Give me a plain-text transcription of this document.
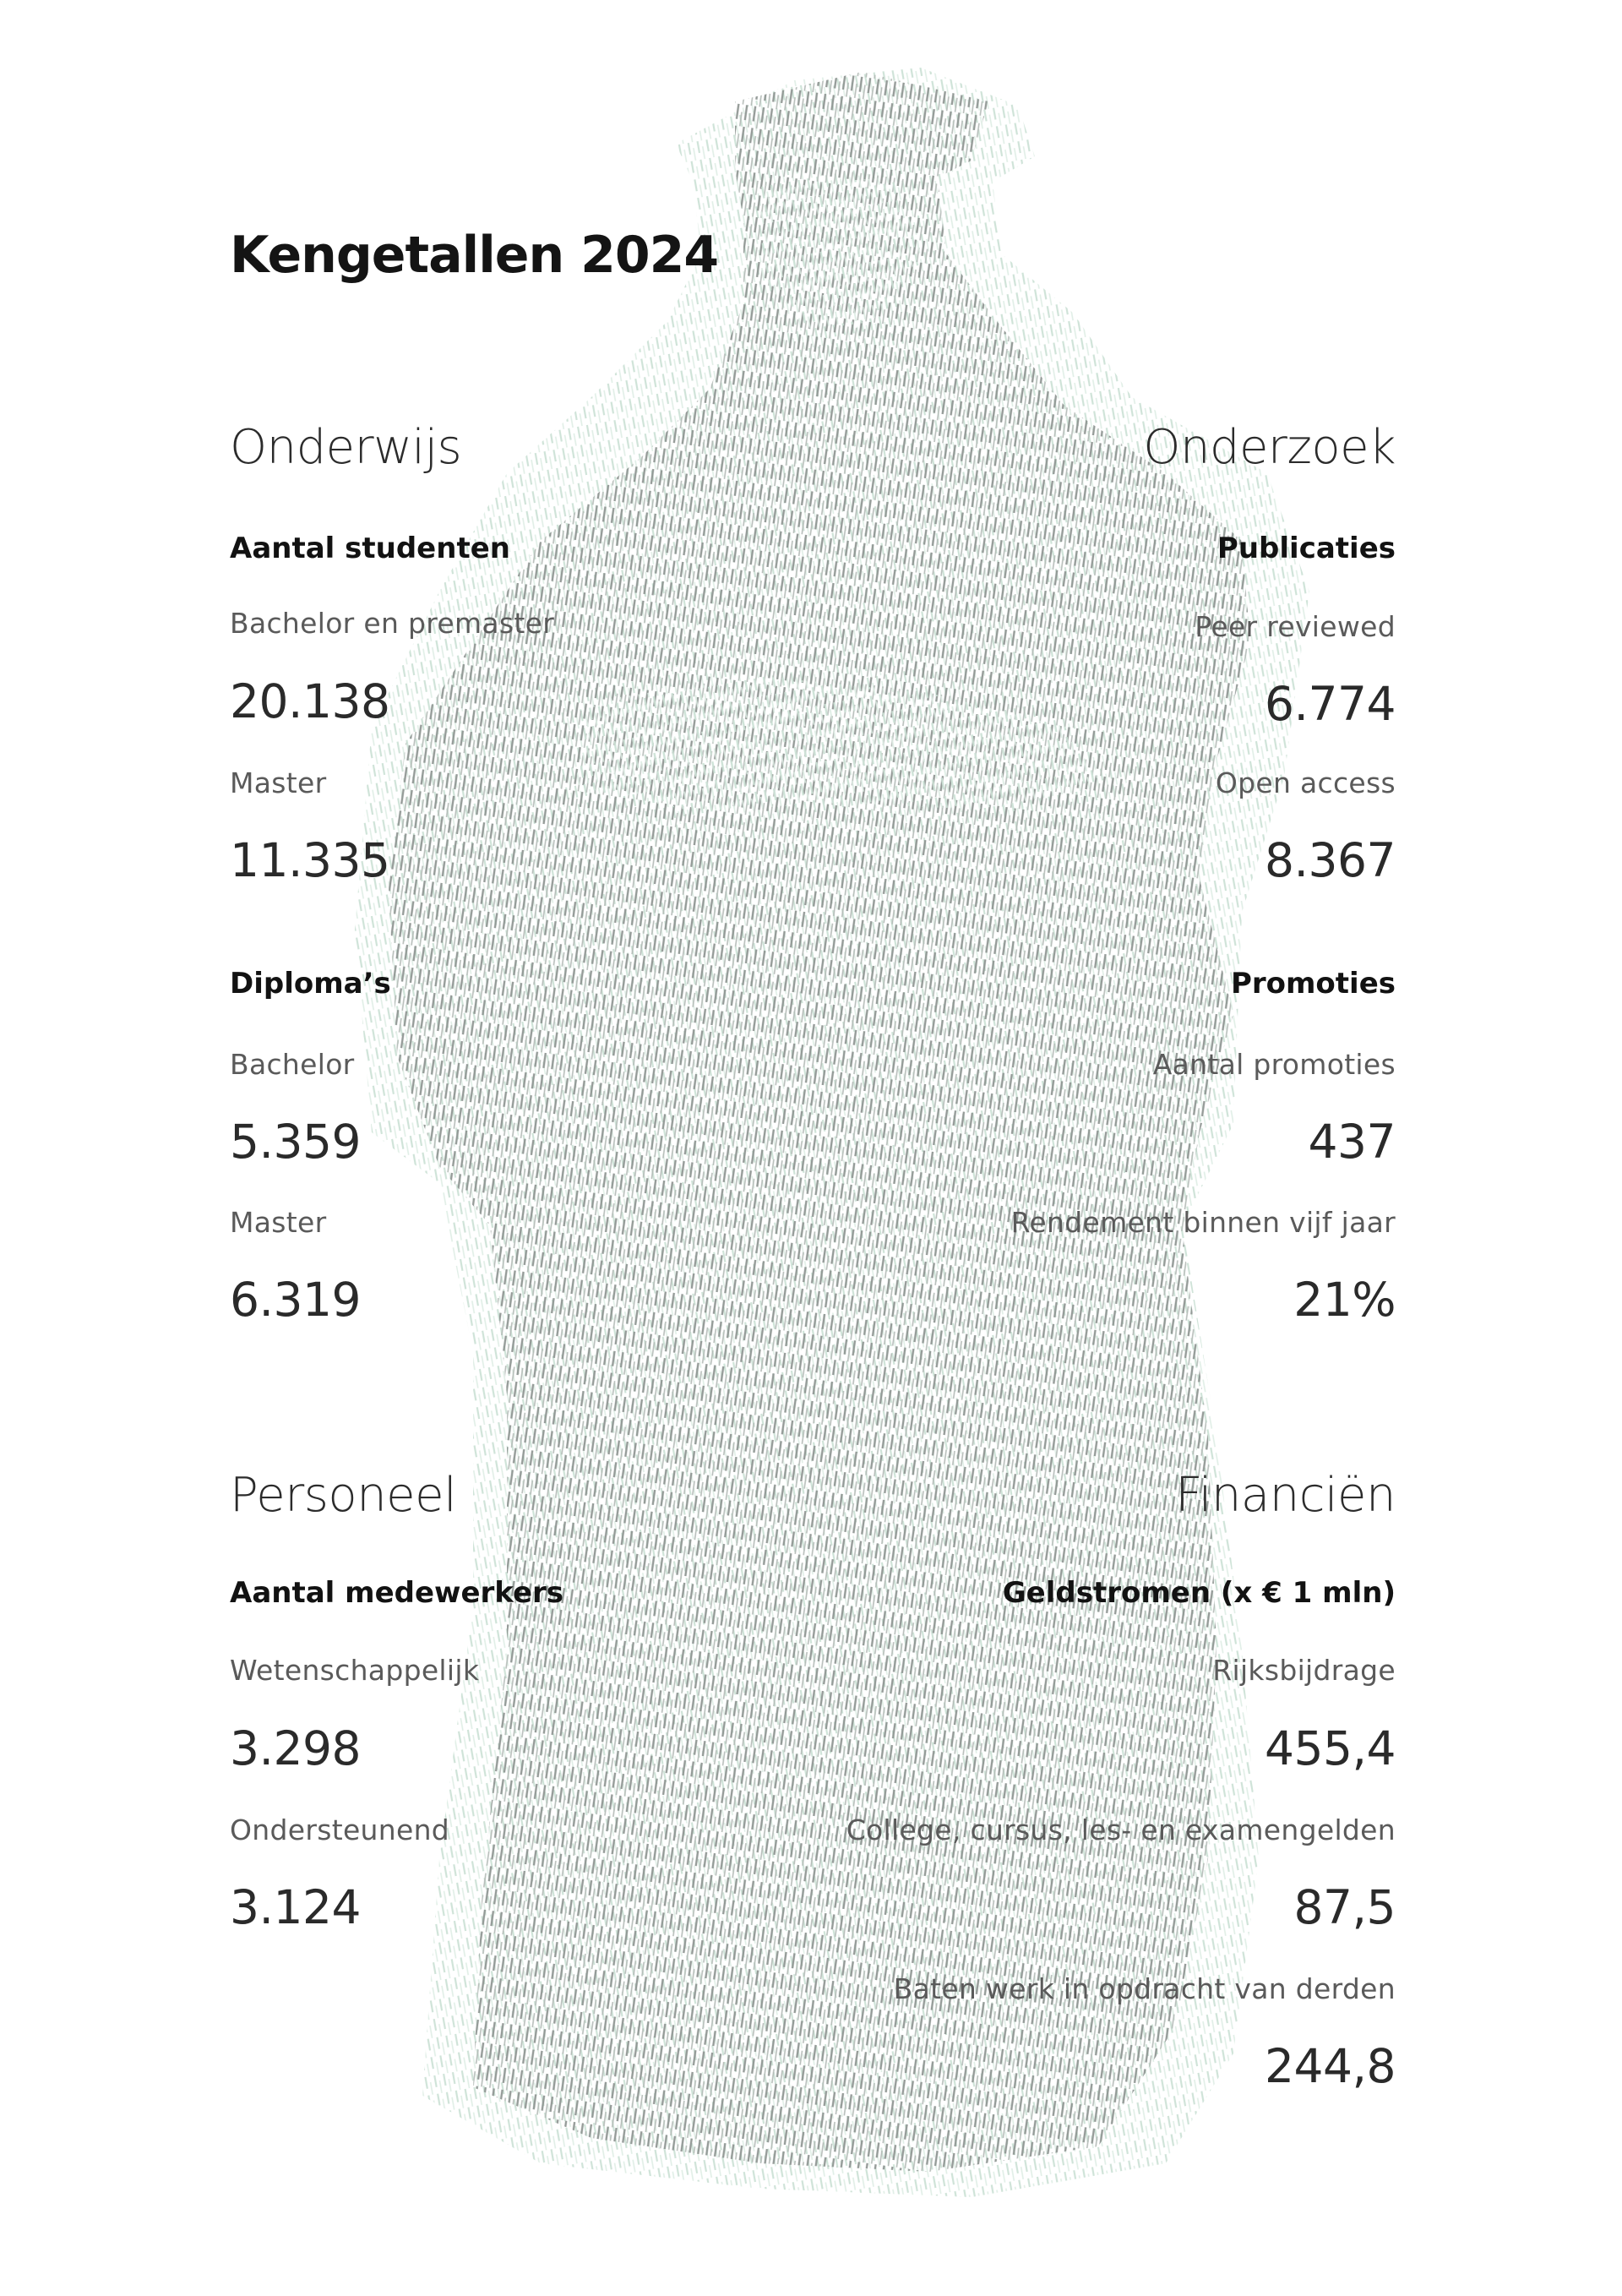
Kengetallen 2024
Onderwijs
Aantal studenten
Bachelor en premaster
20.138
Master
11.335
Diploma’s
Bachelor
5.359
Master
6.319
Onderzoek
Publicaties
Peer reviewed
6.774
Open access
8.367
Promoties
Aantal promoties
437
Rendement binnen vijf jaar
21%
Personeel
Aantal medewerkers
Wetenschappelijk
3.298
Ondersteunend
3.124
Financiën
Geldstromen (x € 1 mln)
Rijksbijdrage
455,4
College, cursus, les- en examengelden
87,5
Baten werk in opdracht van derden
244,8
